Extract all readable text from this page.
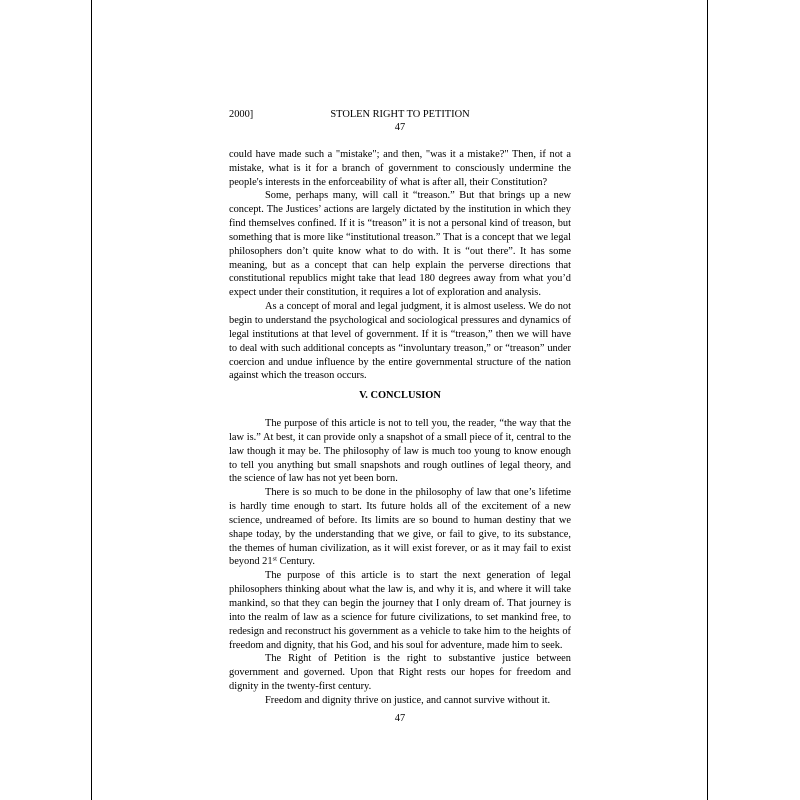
2000]	STOLEN RIGHT TO PETITION
47

could have made such a "mistake"; and then, "was it a mistake?" Then, if not a mistake, what is it for a branch of government to consciously undermine the people's interests in the enforceability of what is after all, their Constitution?

Some, perhaps many, will call it “treason.” But that brings up a new concept. The Justices’ actions are largely dictated by the institution in which they find themselves confined. If it is “treason” it is not a personal kind of treason, but something that is more like “institutional treason.” That is a concept that we legal philosophers don’t quite know what to do with. It is “out there”. It has some meaning, but as a concept that can help explain the perverse directions that constitutional republics might take that lead 180 degrees away from what you’d expect under their constitution, it requires a lot of exploration and analysis.

As a concept of moral and legal judgment, it is almost useless. We do not begin to understand the psychological and sociological pressures and dynamics of legal institutions at that level of government. If it is “treason,” then we will have to deal with such additional concepts as “involuntary treason,” or “treason” under coercion and undue influence by the entire governmental structure of the nation against which the treason occurs.

V. CONCLUSION

The purpose of this article is not to tell you, the reader, “the way that the law is.” At best, it can provide only a snapshot of a small piece of it, central to the law though it may be. The philosophy of law is much too young to know enough to tell you anything but small snapshots and rough outlines of legal theory, and the science of law has not yet been born.

There is so much to be done in the philosophy of law that one’s lifetime is hardly time enough to start. Its future holds all of the excitement of a new science, undreamed of before. Its limits are so bound to human destiny that we shape today, by the understanding that we give, or fail to give, to its substance, the themes of human civilization, as it will exist forever, or as it may fail to exist beyond 21st Century.

The purpose of this article is to start the next generation of legal philosophers thinking about what the law is, and why it is, and where it will take mankind, so that they can begin the journey that I only dream of. That journey is into the realm of law as a science for future civilizations, to set mankind free, to redesign and reconstruct his government as a vehicle to take him to the heights of freedom and dignity, that his God, and his soul for adventure, made him to seek.

The Right of Petition is the right to substantive justice between government and governed. Upon that Right rests our hopes for freedom and dignity in the twenty-first century.

Freedom and dignity thrive on justice, and cannot survive without it.

47
